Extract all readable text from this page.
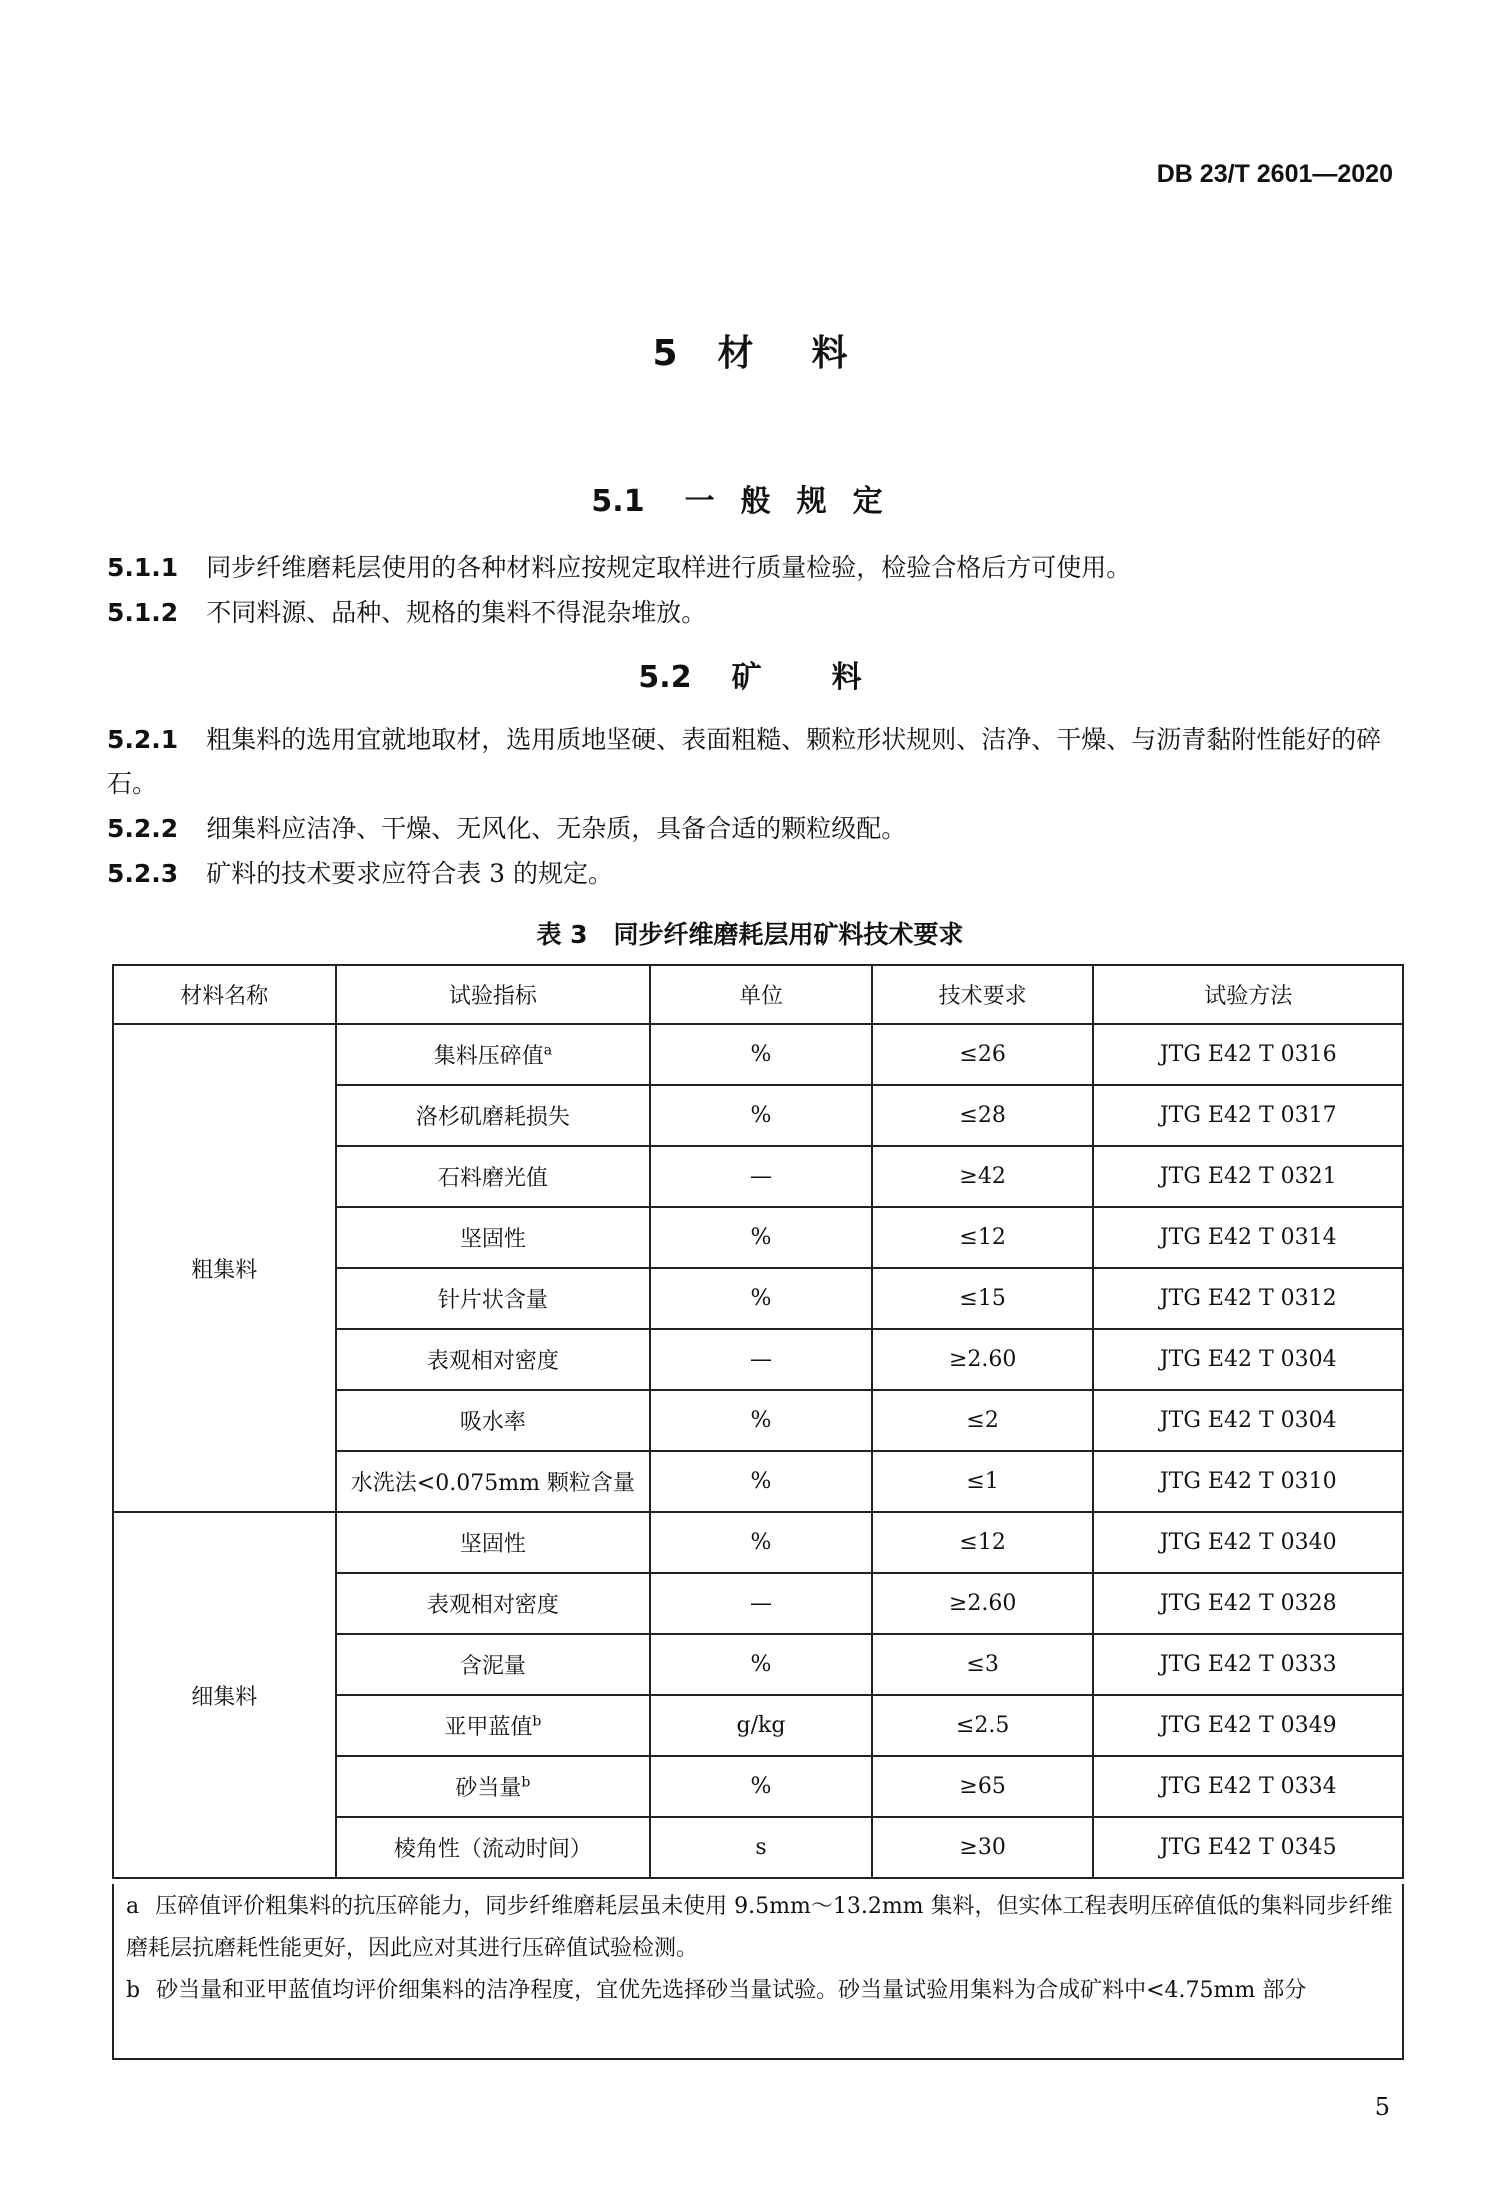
DB 23/T 2601—2020
5 材 料
5.1 一般规定
5.1.1 同步纤维磨耗层使用的各种材料应按规定取样进行质量检验，检验合格后方可使用。
5.1.2 不同料源、品种、规格的集料不得混杂堆放。
5.2 矿 料
5.2.1 粗集料的选用宜就地取材，选用质地坚硬、表面粗糙、颗粒形状规则、洁净、干燥、与沥青黏附性能好的碎石。
5.2.2 细集料应洁净、干燥、无风化、无杂质，具备合适的颗粒级配。
5.2.3 矿料的技术要求应符合表 3 的规定。
表 3 同步纤维磨耗层用矿料技术要求
材料名称	试验指标	单位	技术要求	试验方法
粗集料	集料压碎值$^a$	%	≤26	JTG E42 T 0316
	洛杉矶磨耗损失	%	≤28	JTG E42 T 0317
	石料磨光值	—	≥42	JTG E42 T 0321
	坚固性	%	≤12	JTG E42 T 0314
	针片状含量	%	≤15	JTG E42 T 0312
	表观相对密度	—	≥2.60	JTG E42 T 0304
	吸水率	%	≤2	JTG E42 T 0304
	水洗法<0.075mm 颗粒含量	%	≤1	JTG E42 T 0310
细集料	坚固性	%	≤12	JTG E42 T 0340
	表观相对密度	—	≥2.60	JTG E42 T 0328
	含泥量	%	≤3	JTG E42 T 0333
	亚甲蓝值$^b$	g/kg	≤2.5	JTG E42 T 0349
	砂当量$^b$	%	≥65	JTG E42 T 0334
	棱角性（流动时间）	s	≥30	JTG E42 T 0345

a 压碎值评价粗集料的抗压碎能力，同步纤维磨耗层虽未使用 9.5mm～13.2mm 集料，但实体工程表明压碎值低的集料同步纤维磨耗层抗磨耗性能更好，因此应对其进行压碎值试验检测。

b 砂当量和亚甲蓝值均评价细集料的洁净程度，宜优先选择砂当量试验。砂当量试验用集料为合成矿料中<4.75mm 部分

5
